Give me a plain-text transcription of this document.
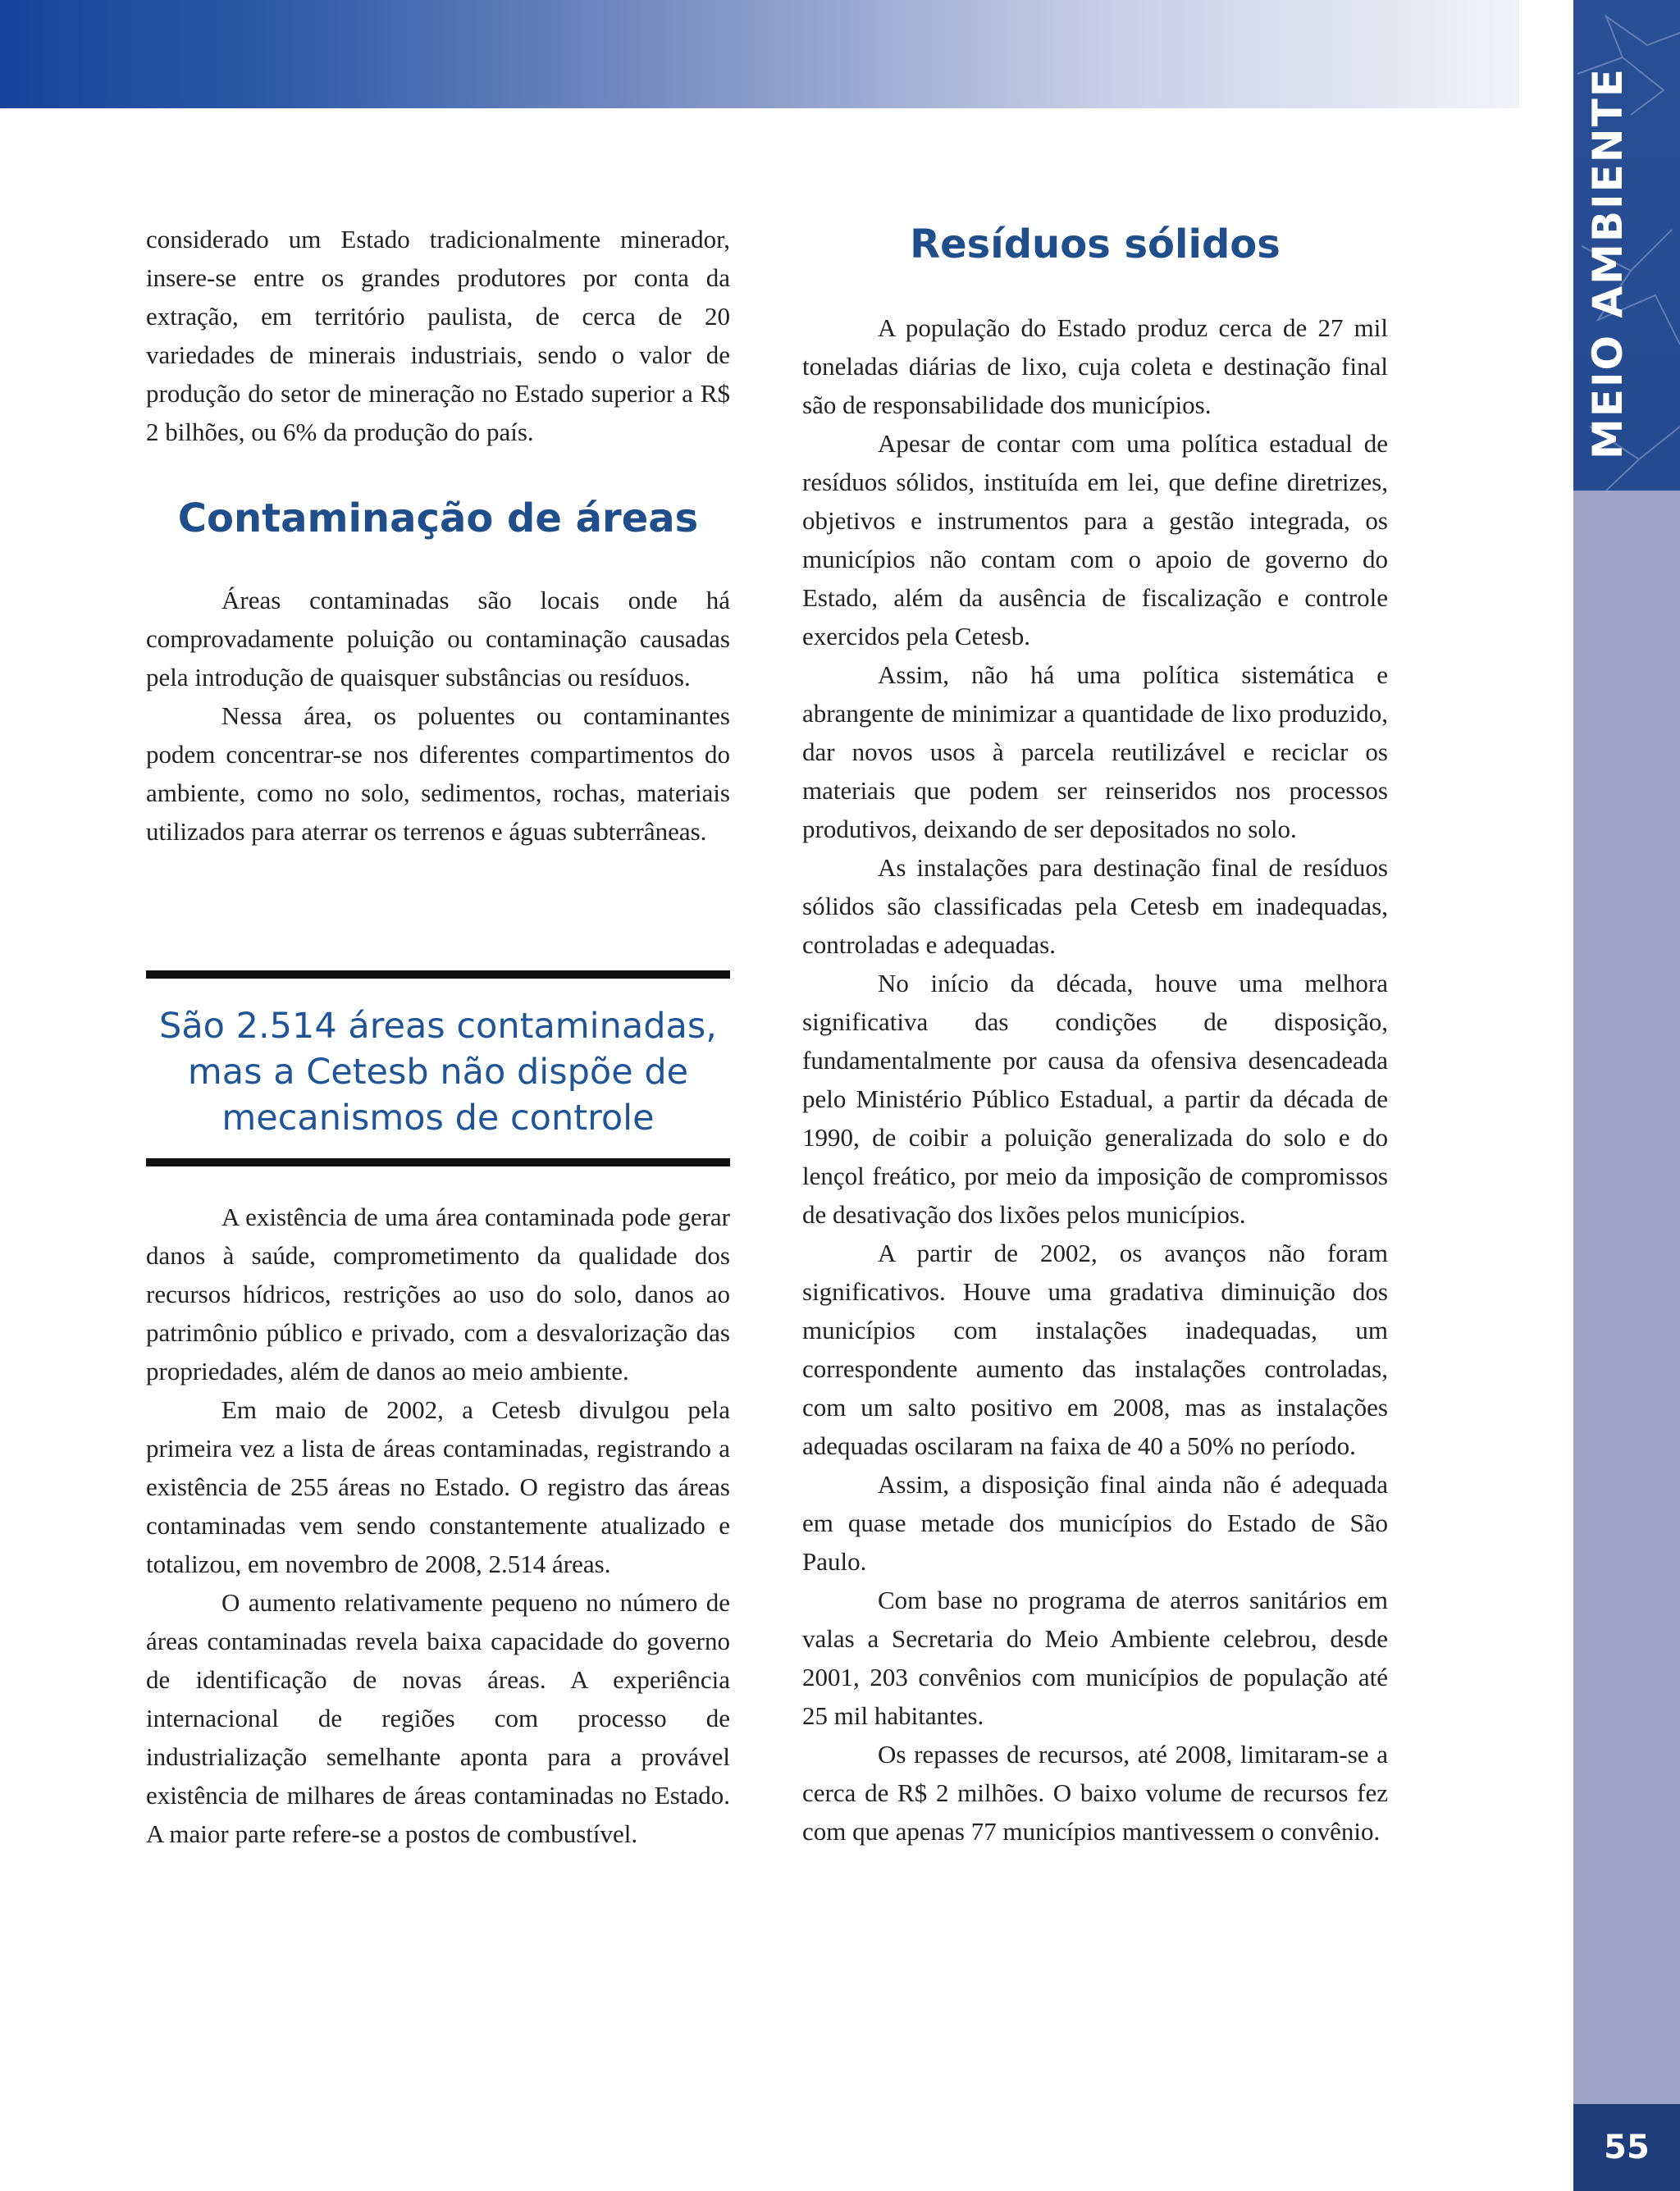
MEIO AMBIENTE
55

considerado um Estado tradicionalmente minerador, insere-se entre os grandes produtores por conta da extração, em território paulista, de cerca de 20 variedades de minerais industriais, sendo o valor de produção do setor de mineração no Estado superior a R$ 2 bilhões, ou 6% da produção do país.

Contaminação de áreas

Áreas contaminadas são locais onde há comprovadamente poluição ou contaminação causadas pela introdução de quaisquer substâncias ou resíduos.

Nessa área, os poluentes ou contaminantes podem concentrar-se nos diferentes compartimentos do ambiente, como no solo, sedimentos, rochas, materiais utilizados para aterrar os terrenos e águas subterrâneas.

São 2.514 áreas contaminadas, mas a Cetesb não dispõe de mecanismos de controle

A existência de uma área contaminada pode gerar danos à saúde, comprometimento da qualidade dos recursos hídricos, restrições ao uso do solo, danos ao patrimônio público e privado, com a desvalorização das propriedades, além de danos ao meio ambiente.

Em maio de 2002, a Cetesb divulgou pela primeira vez a lista de áreas contaminadas, registrando a existência de 255 áreas no Estado. O registro das áreas contaminadas vem sendo constantemente atualizado e totalizou, em novembro de 2008, 2.514 áreas.

O aumento relativamente pequeno no número de áreas contaminadas revela baixa capacidade do governo de identificação de novas áreas. A experiência internacional de regiões com processo de industrialização semelhante aponta para a provável existência de milhares de áreas contaminadas no Estado. A maior parte refere-se a postos de combustível.

Resíduos sólidos

A população do Estado produz cerca de 27 mil toneladas diárias de lixo, cuja coleta e destinação final são de responsabilidade dos municípios.

Apesar de contar com uma política estadual de resíduos sólidos, instituída em lei, que define diretrizes, objetivos e instrumentos para a gestão integrada, os municípios não contam com o apoio de governo do Estado, além da ausência de fiscalização e controle exercidos pela Cetesb.

Assim, não há uma política sistemática e abrangente de minimizar a quantidade de lixo produzido, dar novos usos à parcela reutilizável e reciclar os materiais que podem ser reinseridos nos processos produtivos, deixando de ser depositados no solo.

As instalações para destinação final de resíduos sólidos são classificadas pela Cetesb em inadequadas, controladas e adequadas.

No início da década, houve uma melhora significativa das condições de disposição, fundamentalmente por causa da ofensiva desencadeada pelo Ministério Público Estadual, a partir da década de 1990, de coibir a poluição generalizada do solo e do lençol freático, por meio da imposição de compromissos de desativação dos lixões pelos municípios.

A partir de 2002, os avanços não foram significativos. Houve uma gradativa diminuição dos municípios com instalações inadequadas, um correspondente aumento das instalações controladas, com um salto positivo em 2008, mas as instalações adequadas oscilaram na faixa de 40 a 50% no período.

Assim, a disposição final ainda não é adequada em quase metade dos municípios do Estado de São Paulo.

Com base no programa de aterros sanitários em valas a Secretaria do Meio Ambiente celebrou, desde 2001, 203 convênios com municípios de população até 25 mil habitantes.

Os repasses de recursos, até 2008, limitaram-se a cerca de R$ 2 milhões. O baixo volume de recursos fez com que apenas 77 municípios mantivessem o convênio.
